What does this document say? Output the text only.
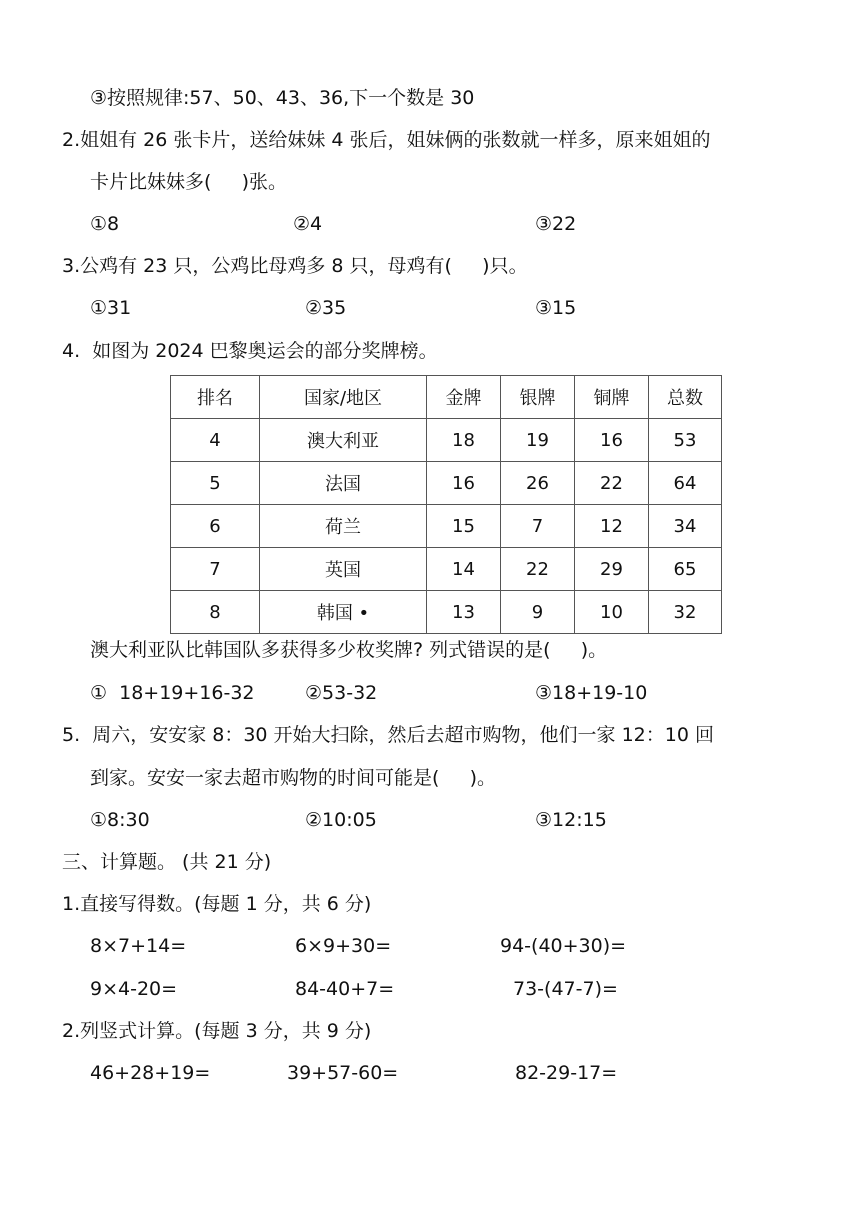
③按照规律:57、50、43、36,下一个数是 30
2.姐姐有 26 张卡片，送给妹妹 4 张后，姐妹俩的张数就一样多，原来姐姐的
卡片比妹妹多(     )张。
①8	②4	③22
3.公鸡有 23 只，公鸡比母鸡多 8 只，母鸡有(     )只。
①31	②35	③15
4.  如图为 2024 巴黎奥运会的部分奖牌榜。
排名	国家/地区	金牌	银牌	铜牌	总数
4	澳大利亚	18	19	16	53
5	法国	16	26	22	64
6	荷兰	15	7	12	34
7	英国	14	22	29	65
8	韩国 •	13	9	10	32
澳大利亚队比韩国队多获得多少枚奖牌? 列式错误的是(     )。
①  18+19+16-32	②53-32	③18+19-10
5.  周六，安安家 8：30 开始大扫除，然后去超市购物，他们一家 12：10 回
到家。安安一家去超市购物的时间可能是(     )。
①8:30	②10:05	③12:15
三、计算题。 (共 21 分)
1.直接写得数。(每题 1 分，共 6 分)
8×7+14=	6×9+30=	94-(40+30)=
9×4-20=	84-40+7=	73-(47-7)=
2.列竖式计算。(每题 3 分，共 9 分)
46+28+19=	39+57-60=	82-29-17=
